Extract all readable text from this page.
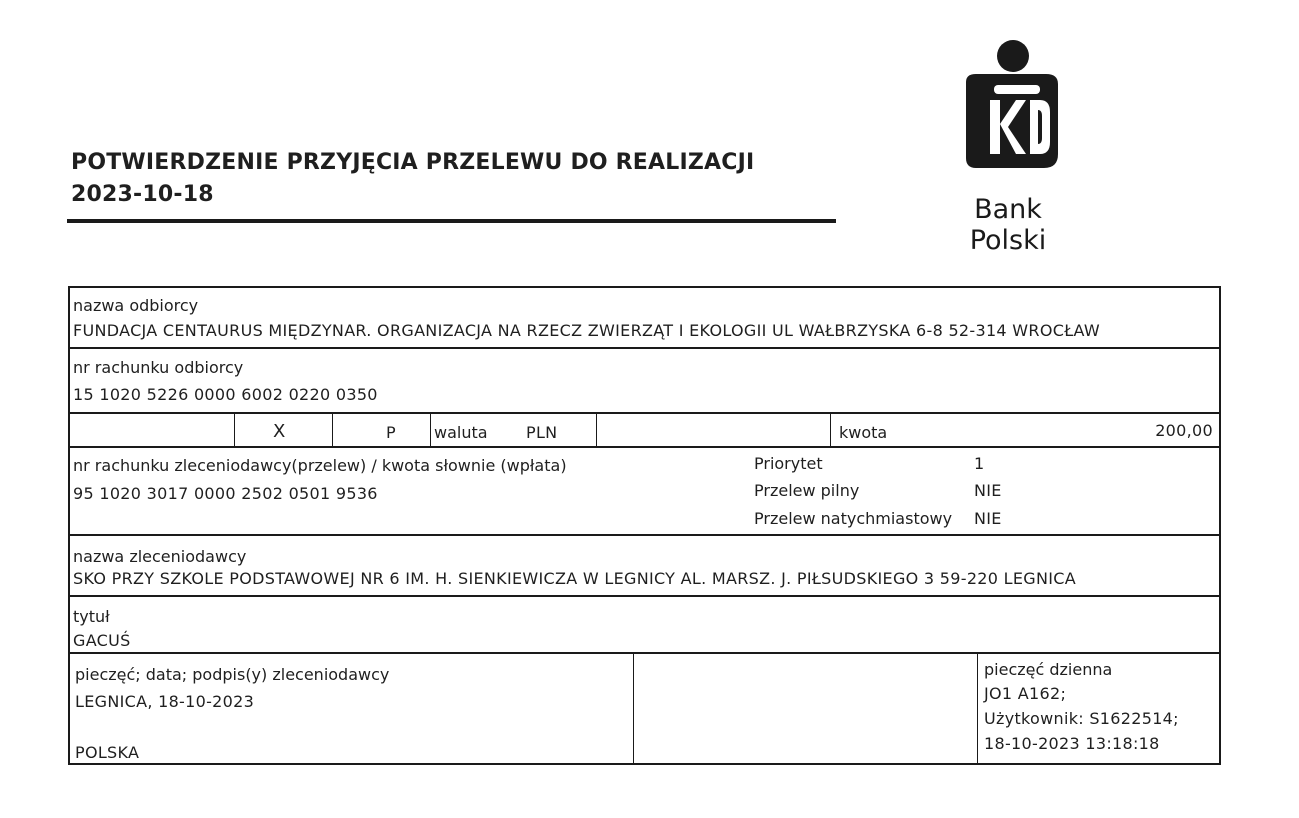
POTWIERDZENIE PRZYJĘCIA PRZELEWU DO REALIZACJI
2023-10-18	Bank Polski
nazwa odbiorcy
FUNDACJA CENTAURUS MIĘDZYNAR. ORGANIZACJA NA RZECZ ZWIERZĄT I EKOLOGII UL WAŁBRZYSKA 6-8 52-314 WROCŁAW
nr rachunku odbiorcy
15 1020 5226 0000 6002 0220 0350
X	P waluta PLN	kwota	200,00
nr rachunku zleceniodawcy(przelew) / kwota słownie (wpłata)
95 1020 3017 0000 2502 0501 9536
Priorytet	1
Przelew pilny	NIE
Przelew natychmiastowy NIE
nazwa zleceniodawcy
SKO PRZY SZKOLE PODSTAWOWEJ NR 6 IM. H. SIENKIEWICZA W LEGNICY AL. MARSZ. J. PIŁSUDSKIEGO 3 59-220 LEGNICA
tytuł
GACUŚ
pieczęć; data; podpis(y) zleceniodawcy
LEGNICA, 18-10-2023
POLSKA
pieczęć dzienna
JO1 A162;
Użytkownik: S1622514;
18-10-2023 13:18:18
